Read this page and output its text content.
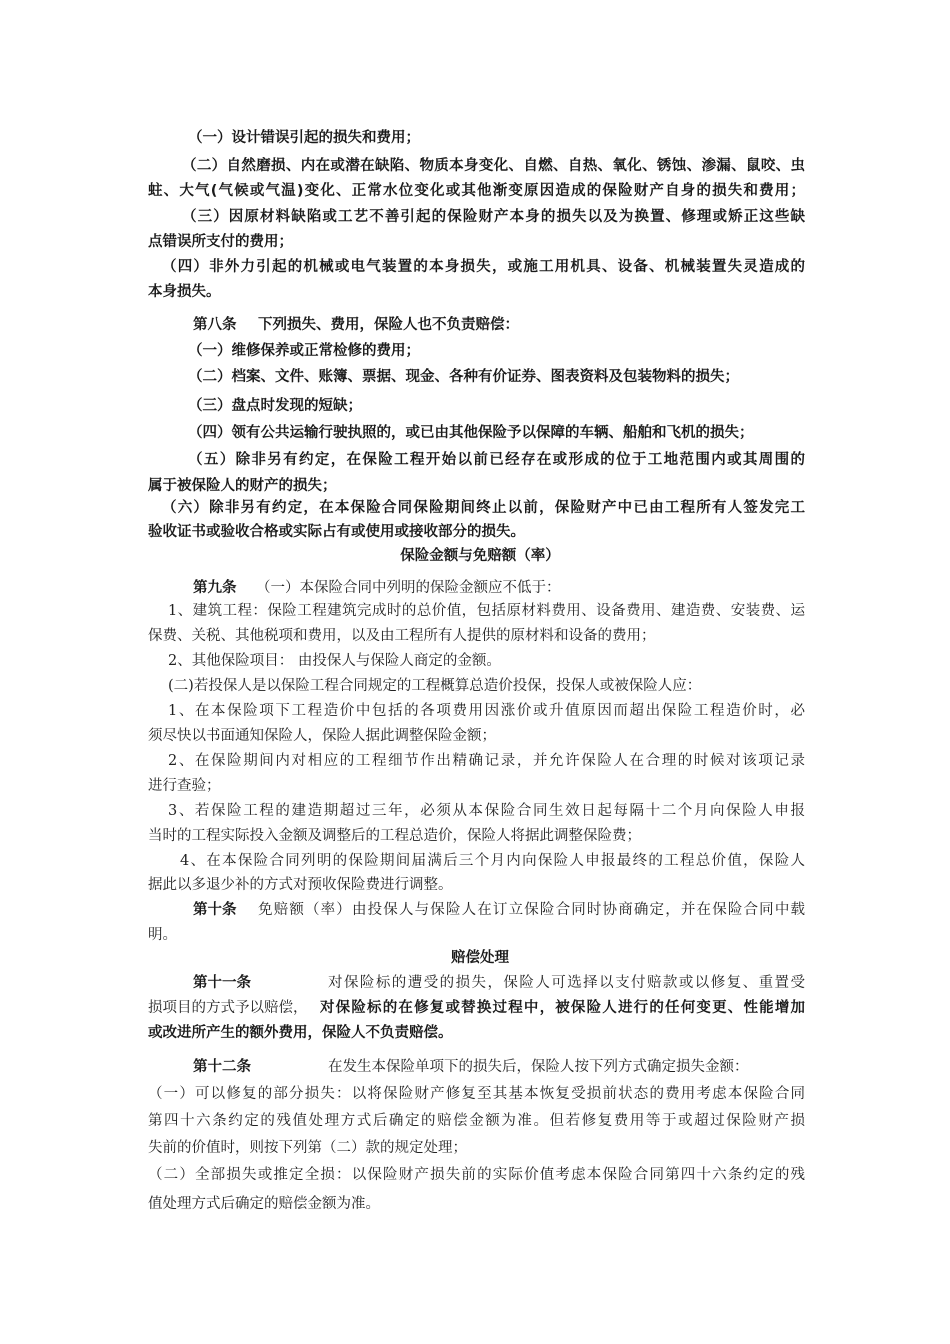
（一）设计错误引起的损失和费用；
（二）自然磨损、内在或潜在缺陷、物质本身变化、自燃、自热、氧化、锈蚀、渗漏、鼠咬、虫
蛀、大气(气候或气温)变化、正常水位变化或其他渐变原因造成的保险财产自身的损失和费用；
（三）因原材料缺陷或工艺不善引起的保险财产本身的损失以及为换置、修理或矫正这些缺
点错误所支付的费用；
（四）非外力引起的机械或电气装置的本身损失，或施工用机具、设备、机械装置失灵造成的
本身损失。
第八条 下列损失、费用，保险人也不负责赔偿：
（一）维修保养或正常检修的费用；
（二）档案、文件、账簿、票据、现金、各种有价证券、图表资料及包装物料的损失；
（三）盘点时发现的短缺；
（四）领有公共运输行驶执照的，或已由其他保险予以保障的车辆、船舶和飞机的损失；
（五）除非另有约定，在保险工程开始以前已经存在或形成的位于工地范围内或其周围的
属于被保险人的财产的损失；
（六）除非另有约定，在本保险合同保险期间终止以前，保险财产中已由工程所有人签发完工
验收证书或验收合格或实际占有或使用或接收部分的损失。
保险金额与免赔额（率）
第九条 （一）本保险合同中列明的保险金额应不低于：
1、建筑工程：保险工程建筑完成时的总价值，包括原材料费用、设备费用、建造费、安装费、运
保费、关税、其他税项和费用，以及由工程所有人提供的原材料和设备的费用；
2、其他保险项目： 由投保人与保险人商定的金额。
(二)若投保人是以保险工程合同规定的工程概算总造价投保，投保人或被保险人应：
1、在本保险项下工程造价中包括的各项费用因涨价或升值原因而超出保险工程造价时，必
须尽快以书面通知保险人，保险人据此调整保险金额；
2、在保险期间内对相应的工程细节作出精确记录，并允许保险人在合理的时候对该项记录
进行查验；
3、若保险工程的建造期超过三年，必须从本保险合同生效日起每隔十二个月向保险人申报
当时的工程实际投入金额及调整后的工程总造价，保险人将据此调整保险费；
4、在本保险合同列明的保险期间届满后三个月内向保险人申报最终的工程总价值，保险人
据此以多退少补的方式对预收保险费进行调整。
第十条 免赔额（率）由投保人与保险人在订立保险合同时协商确定，并在保险合同中载
明。
赔偿处理
第十一条	对保险标的遭受的损失，保险人可选择以支付赔款或以修复、重置受
损项目的方式予以赔偿， 对保险标的在修复或替换过程中，被保险人进行的任何变更、性能增加
或改进所产生的额外费用，保险人不负责赔偿。
第十二条	在发生本保险单项下的损失后，保险人按下列方式确定损失金额：
（一）可以修复的部分损失：以将保险财产修复至其基本恢复受损前状态的费用考虑本保险合同
第四十六条约定的残值处理方式后确定的赔偿金额为准。但若修复费用等于或超过保险财产损
失前的价值时，则按下列第（二）款的规定处理；
（二）全部损失或推定全损：以保险财产损失前的实际价值考虑本保险合同第四十六条约定的残
值处理方式后确定的赔偿金额为准。
